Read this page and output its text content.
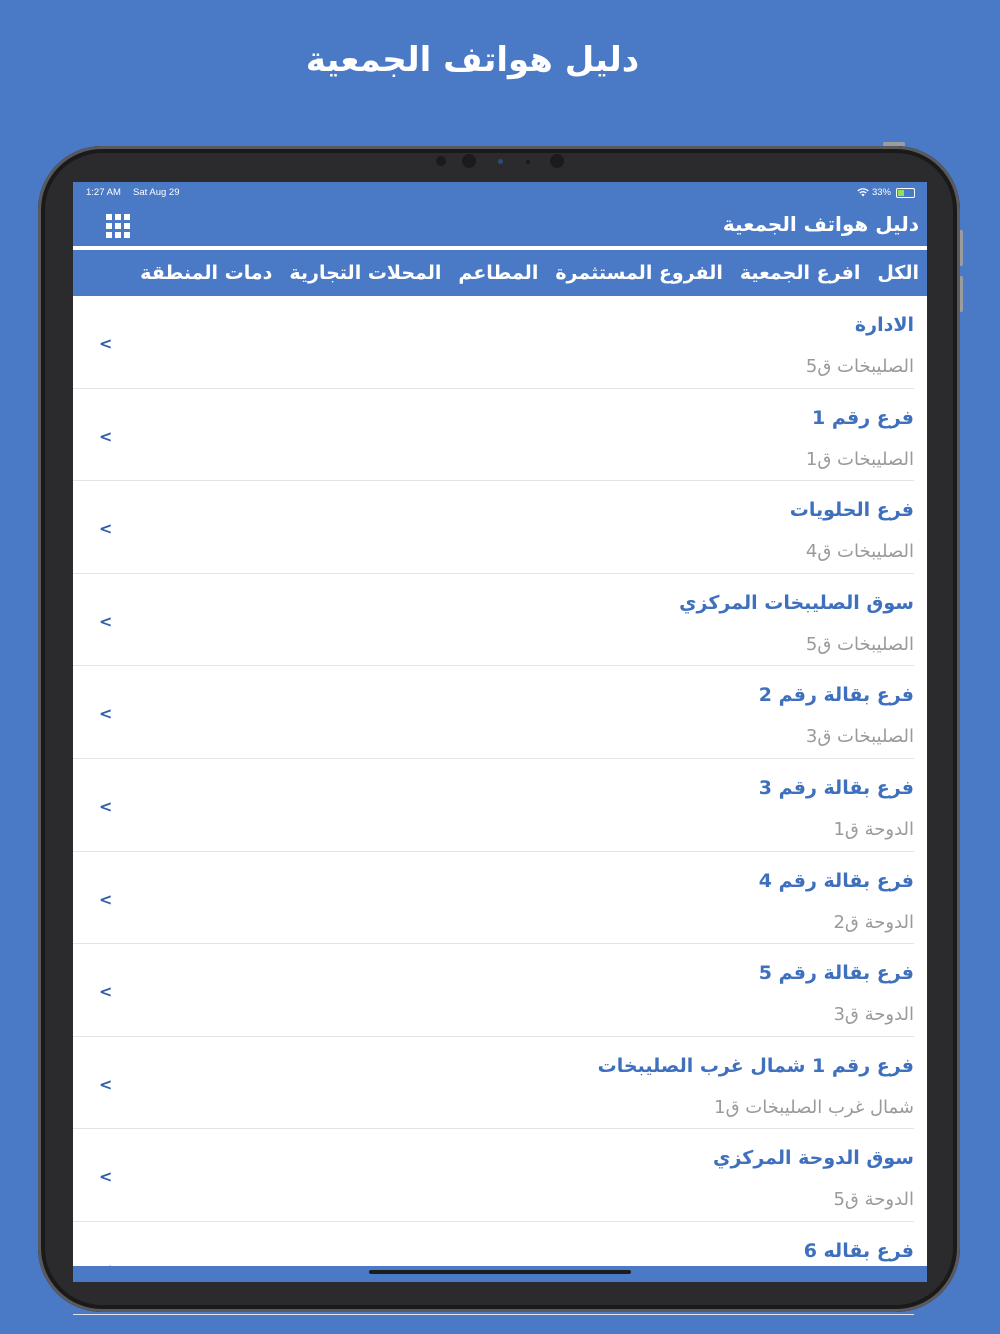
دليل هواتف الجمعية
1:27 AM Sat Aug 29	33%
دليل هواتف الجمعية
الكل
افرع الجمعية
الفروع المستثمرة
المطاعم
المحلات التجارية
دمات المنطقة
الادارة
الصليبخات ق5
<
فرع رقم 1
الصليبخات ق1
<
فرع الحلويات
الصليبخات ق4
<
سوق الصليبخات المركزي
الصليبخات ق5
<
فرع بقالة رقم 2
الصليبخات ق3
<
فرع بقالة رقم 3
الدوحة ق1
<
فرع بقالة رقم 4
الدوحة ق2
<
فرع بقالة رقم 5
الدوحة ق3
<
فرع رقم 1 شمال غرب الصليبخات
شمال غرب الصليبخات ق1
<
سوق الدوحة المركزي
الدوحة ق5
<
فرع بقاله 6
